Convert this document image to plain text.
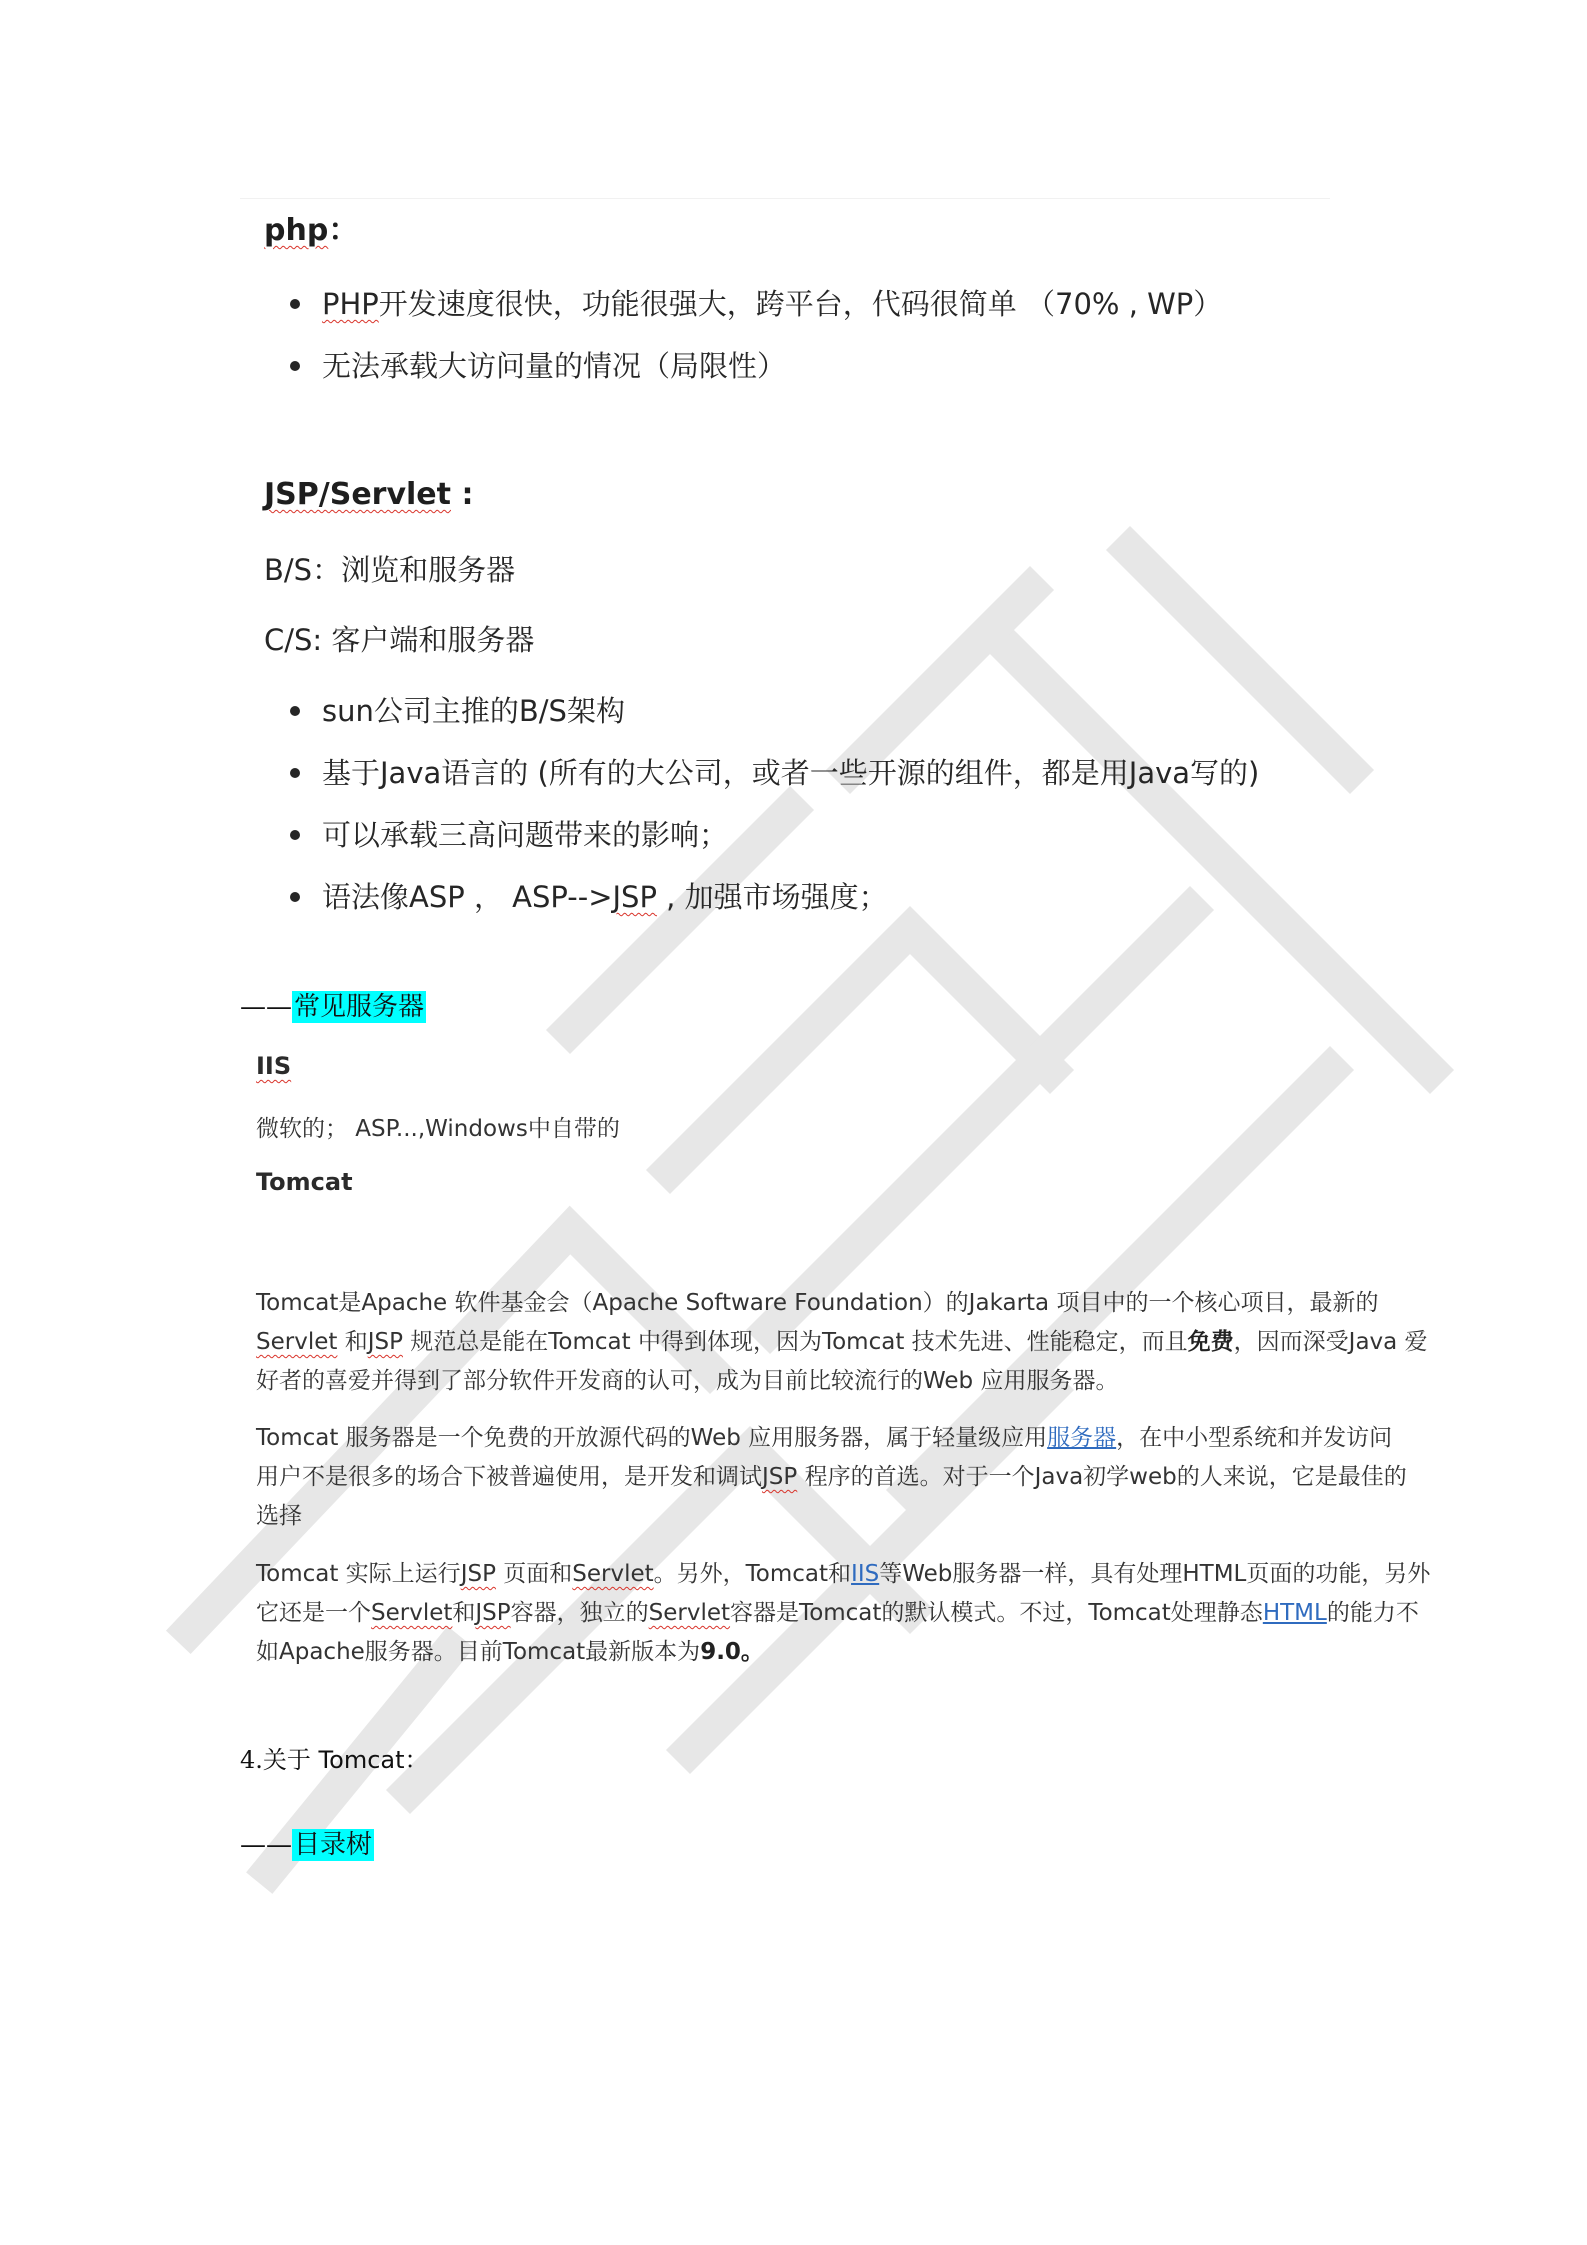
php：
PHP开发速度很快，功能很强大，跨平台，代码很简单 （70% , WP）
无法承载大访问量的情况（局限性）
JSP/Servlet :
B/S：浏览和服务器
C/S: 客户端和服务器
sun公司主推的B/S架构
基于Java语言的 (所有的大公司，或者一些开源的组件，都是用Java写的)
可以承载三高问题带来的影响；
语法像ASP ， ASP-->JSP , 加强市场强度；
——常见服务器
IIS
微软的； ASP...,Windows中自带的
Tomcat
Tomcat是Apache 软件基金会（Apache Software Foundation）的Jakarta 项目中的一个核心项目，最新的
Servlet 和JSP 规范总是能在Tomcat 中得到体现，因为Tomcat 技术先进、性能稳定，而且免费，因而深受Java 爱
好者的喜爱并得到了部分软件开发商的认可，成为目前比较流行的Web 应用服务器。
Tomcat 服务器是一个免费的开放源代码的Web 应用服务器，属于轻量级应用服务器，在中小型系统和并发访问
用户不是很多的场合下被普遍使用，是开发和调试JSP 程序的首选。对于一个Java初学web的人来说，它是最佳的
选择
Tomcat 实际上运行JSP 页面和Servlet。另外，Tomcat和IIS等Web服务器一样，具有处理HTML页面的功能，另外
它还是一个Servlet和JSP容器，独立的Servlet容器是Tomcat的默认模式。不过，Tomcat处理静态HTML的能力不
如Apache服务器。目前Tomcat最新版本为9.0。
4.关于 Tomcat：
——目录树
